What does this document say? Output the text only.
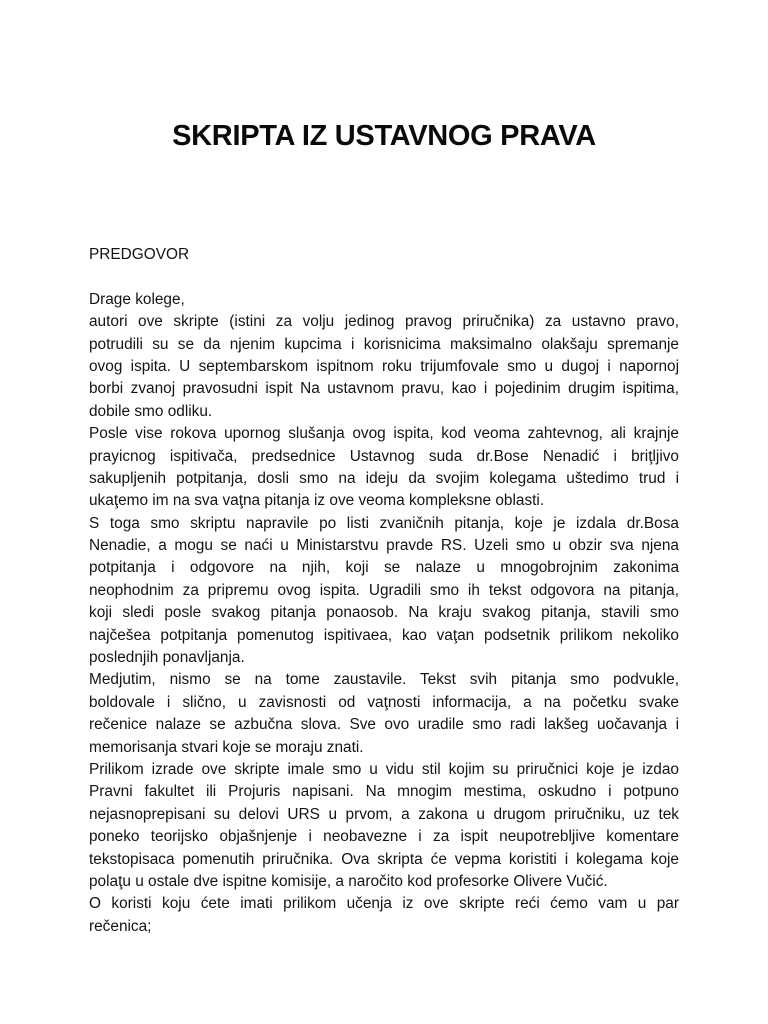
SKRIPTA IZ USTAVNOG PRAVA

PREDGOVOR

Drage kolege,

autori ove skripte (istini za volju jedinog pravog priručnika) za ustavno pravo,

potrudili su se da njenim kupcima i korisnicima maksimalno olakšaju spremanje

ovog ispita. U septembarskom ispitnom roku trijumfovale smo u dugoj i napornoj

borbi zvanoj pravosudni ispit Na ustavnom pravu, kao i pojedinim drugim ispitima,

dobile smo odliku.

Posle vise rokova upornog slušanja ovog ispita, kod veoma zahtevnog, ali krajnje

prayicnog ispitivača, predsednice Ustavnog suda dr.Bose Nenadić i briţljivo

sakupljenih potpitanja, dosli smo na ideju da svojim kolegama uštedimo trud i

ukaţemo im na sva vaţna pitanja iz ove veoma kompleksne oblasti.

S toga smo skriptu napravile po listi zvaničnih pitanja, koje je izdala dr.Bosa

Nenadie, a mogu se naći u Ministarstvu pravde RS. Uzeli smo u obzir sva njena

potpitanja i odgovore na njih, koji se nalaze u mnogobrojnim zakonima

neophodnim za pripremu ovog ispita. Ugradili smo ih tekst odgovora na pitanja,

koji sledi posle svakog pitanja ponaosob. Na kraju svakog pitanja, stavili smo

najčešea potpitanja pomenutog ispitivaea, kao vaţan podsetnik prilikom nekoliko

poslednjih ponavljanja.

Medjutim, nismo se na tome zaustavile. Tekst svih pitanja smo podvukle,

boldovale i slično, u zavisnosti od vaţnosti informacija, a na početku svake

rečenice nalaze se azbučna slova. Sve ovo uradile smo radi lakšeg uočavanja i

memorisanja stvari koje se moraju znati.

Prilikom izrade ove skripte imale smo u vidu stil kojim su priručnici koje je izdao

Pravni fakultet ili Projuris napisani. Na mnogim mestima, oskudno i potpuno

nejasnoprepisani su delovi URS u prvom, a zakona u drugom priručniku, uz tek

poneko teorijsko objašnjenje i neobavezne i za ispit neupotrebljive komentare

tekstopisaca pomenutih priručnika. Ova skripta će vepma koristiti i kolegama koje

polaţu u ostale dve ispitne komisije, a naročito kod profesorke Olivere Vučić.

O koristi koju ćete imati prilikom učenja iz ove skripte reći ćemo vam u par

rečenica;
